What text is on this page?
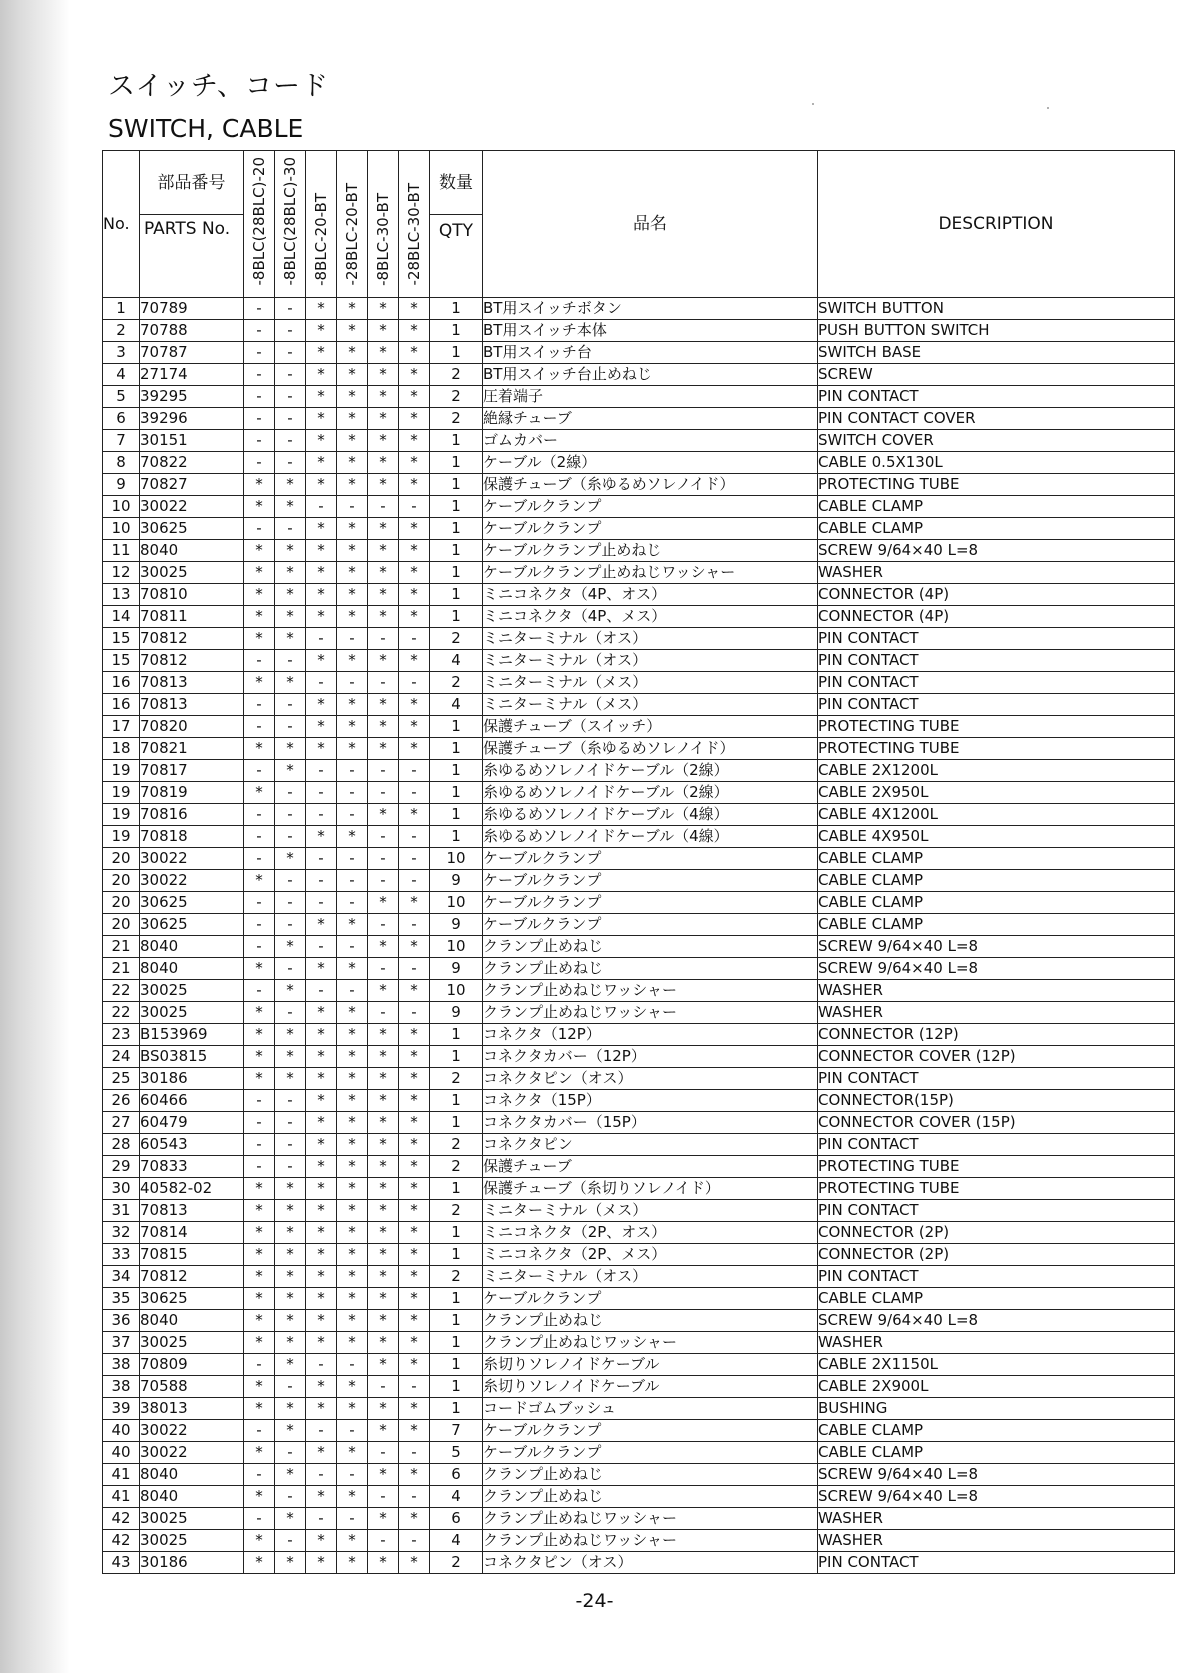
スイッチ、コード
SWITCH, CABLE
No.	部品番号	-8BLC(28BLC)-20	-8BLC(28BLC)-30	-8BLC-20-BT	-28BLC-20-BT	-8BLC-30-BT	-28BLC-30-BT	数量	品名	DESCRIPTION
	PARTS No.							QTY		
1	70789	-	-	*	*	*	*	1	BT用スイッチボタン	SWITCH BUTTON
2	70788	-	-	*	*	*	*	1	BT用スイッチ本体	PUSH BUTTON SWITCH
3	70787	-	-	*	*	*	*	1	BT用スイッチ台	SWITCH BASE
4	27174	-	-	*	*	*	*	2	BT用スイッチ台止めねじ	SCREW
5	39295	-	-	*	*	*	*	2	圧着端子	PIN CONTACT
6	39296	-	-	*	*	*	*	2	絶縁チューブ	PIN CONTACT COVER
7	30151	-	-	*	*	*	*	1	ゴムカバー	SWITCH COVER
8	70822	-	-	*	*	*	*	1	ケーブル（2線）	CABLE 0.5X130L
9	70827	*	*	*	*	*	*	1	保護チューブ（糸ゆるめソレノイド）	PROTECTING TUBE
10	30022	*	*	-	-	-	-	1	ケーブルクランプ	CABLE CLAMP
10	30625	-	-	*	*	*	*	1	ケーブルクランプ	CABLE CLAMP
11	8040	*	*	*	*	*	*	1	ケーブルクランプ止めねじ	SCREW 9/64×40 L=8
12	30025	*	*	*	*	*	*	1	ケーブルクランプ止めねじワッシャー	WASHER
13	70810	*	*	*	*	*	*	1	ミニコネクタ（4P、オス）	CONNECTOR (4P)
14	70811	*	*	*	*	*	*	1	ミニコネクタ（4P、メス）	CONNECTOR (4P)
15	70812	*	*	-	-	-	-	2	ミニターミナル（オス）	PIN CONTACT
15	70812	-	-	*	*	*	*	4	ミニターミナル（オス）	PIN CONTACT
16	70813	*	*	-	-	-	-	2	ミニターミナル（メス）	PIN CONTACT
16	70813	-	-	*	*	*	*	4	ミニターミナル（メス）	PIN CONTACT
17	70820	-	-	*	*	*	*	1	保護チューブ（スイッチ）	PROTECTING TUBE
18	70821	*	*	*	*	*	*	1	保護チューブ（糸ゆるめソレノイド）	PROTECTING TUBE
19	70817	-	*	-	-	-	-	1	糸ゆるめソレノイドケーブル（2線）	CABLE 2X1200L
19	70819	*	-	-	-	-	-	1	糸ゆるめソレノイドケーブル（2線）	CABLE 2X950L
19	70816	-	-	-	-	*	*	1	糸ゆるめソレノイドケーブル（4線）	CABLE 4X1200L
19	70818	-	-	*	*	-	-	1	糸ゆるめソレノイドケーブル（4線）	CABLE 4X950L
20	30022	-	*	-	-	-	-	10	ケーブルクランプ	CABLE CLAMP
20	30022	*	-	-	-	-	-	9	ケーブルクランプ	CABLE CLAMP
20	30625	-	-	-	-	*	*	10	ケーブルクランプ	CABLE CLAMP
20	30625	-	-	*	*	-	-	9	ケーブルクランプ	CABLE CLAMP
21	8040	-	*	-	-	*	*	10	クランプ止めねじ	SCREW 9/64×40 L=8
21	8040	*	-	*	*	-	-	9	クランプ止めねじ	SCREW 9/64×40 L=8
22	30025	-	*	-	-	*	*	10	クランプ止めねじワッシャー	WASHER
22	30025	*	-	*	*	-	-	9	クランプ止めねじワッシャー	WASHER
23	B153969	*	*	*	*	*	*	1	コネクタ（12P）	CONNECTOR (12P)
24	BS03815	*	*	*	*	*	*	1	コネクタカバー（12P）	CONNECTOR COVER (12P)
25	30186	*	*	*	*	*	*	2	コネクタピン（オス）	PIN CONTACT
26	60466	-	-	*	*	*	*	1	コネクタ（15P）	CONNECTOR(15P)
27	60479	-	-	*	*	*	*	1	コネクタカバー（15P）	CONNECTOR COVER (15P)
28	60543	-	-	*	*	*	*	2	コネクタピン	PIN CONTACT
29	70833	-	-	*	*	*	*	2	保護チューブ	PROTECTING TUBE
30	40582-02	*	*	*	*	*	*	1	保護チューブ（糸切りソレノイド）	PROTECTING TUBE
31	70813	*	*	*	*	*	*	2	ミニターミナル（メス）	PIN CONTACT
32	70814	*	*	*	*	*	*	1	ミニコネクタ（2P、オス）	CONNECTOR (2P)
33	70815	*	*	*	*	*	*	1	ミニコネクタ（2P、メス）	CONNECTOR (2P)
34	70812	*	*	*	*	*	*	2	ミニターミナル（オス）	PIN CONTACT
35	30625	*	*	*	*	*	*	1	ケーブルクランプ	CABLE CLAMP
36	8040	*	*	*	*	*	*	1	クランプ止めねじ	SCREW 9/64×40 L=8
37	30025	*	*	*	*	*	*	1	クランプ止めねじワッシャー	WASHER
38	70809	-	*	-	-	*	*	1	糸切りソレノイドケーブル	CABLE 2X1150L
38	70588	*	-	*	*	-	-	1	糸切りソレノイドケーブル	CABLE 2X900L
39	38013	*	*	*	*	*	*	1	コードゴムブッシュ	BUSHING
40	30022	-	*	-	-	*	*	7	ケーブルクランプ	CABLE CLAMP
40	30022	*	-	*	*	-	-	5	ケーブルクランプ	CABLE CLAMP
41	8040	-	*	-	-	*	*	6	クランプ止めねじ	SCREW 9/64×40 L=8
41	8040	*	-	*	*	-	-	4	クランプ止めねじ	SCREW 9/64×40 L=8
42	30025	-	*	-	-	*	*	6	クランプ止めねじワッシャー	WASHER
42	30025	*	-	*	*	-	-	4	クランプ止めねじワッシャー	WASHER
43	30186	*	*	*	*	*	*	2	コネクタピン（オス）	PIN CONTACT
-24-
